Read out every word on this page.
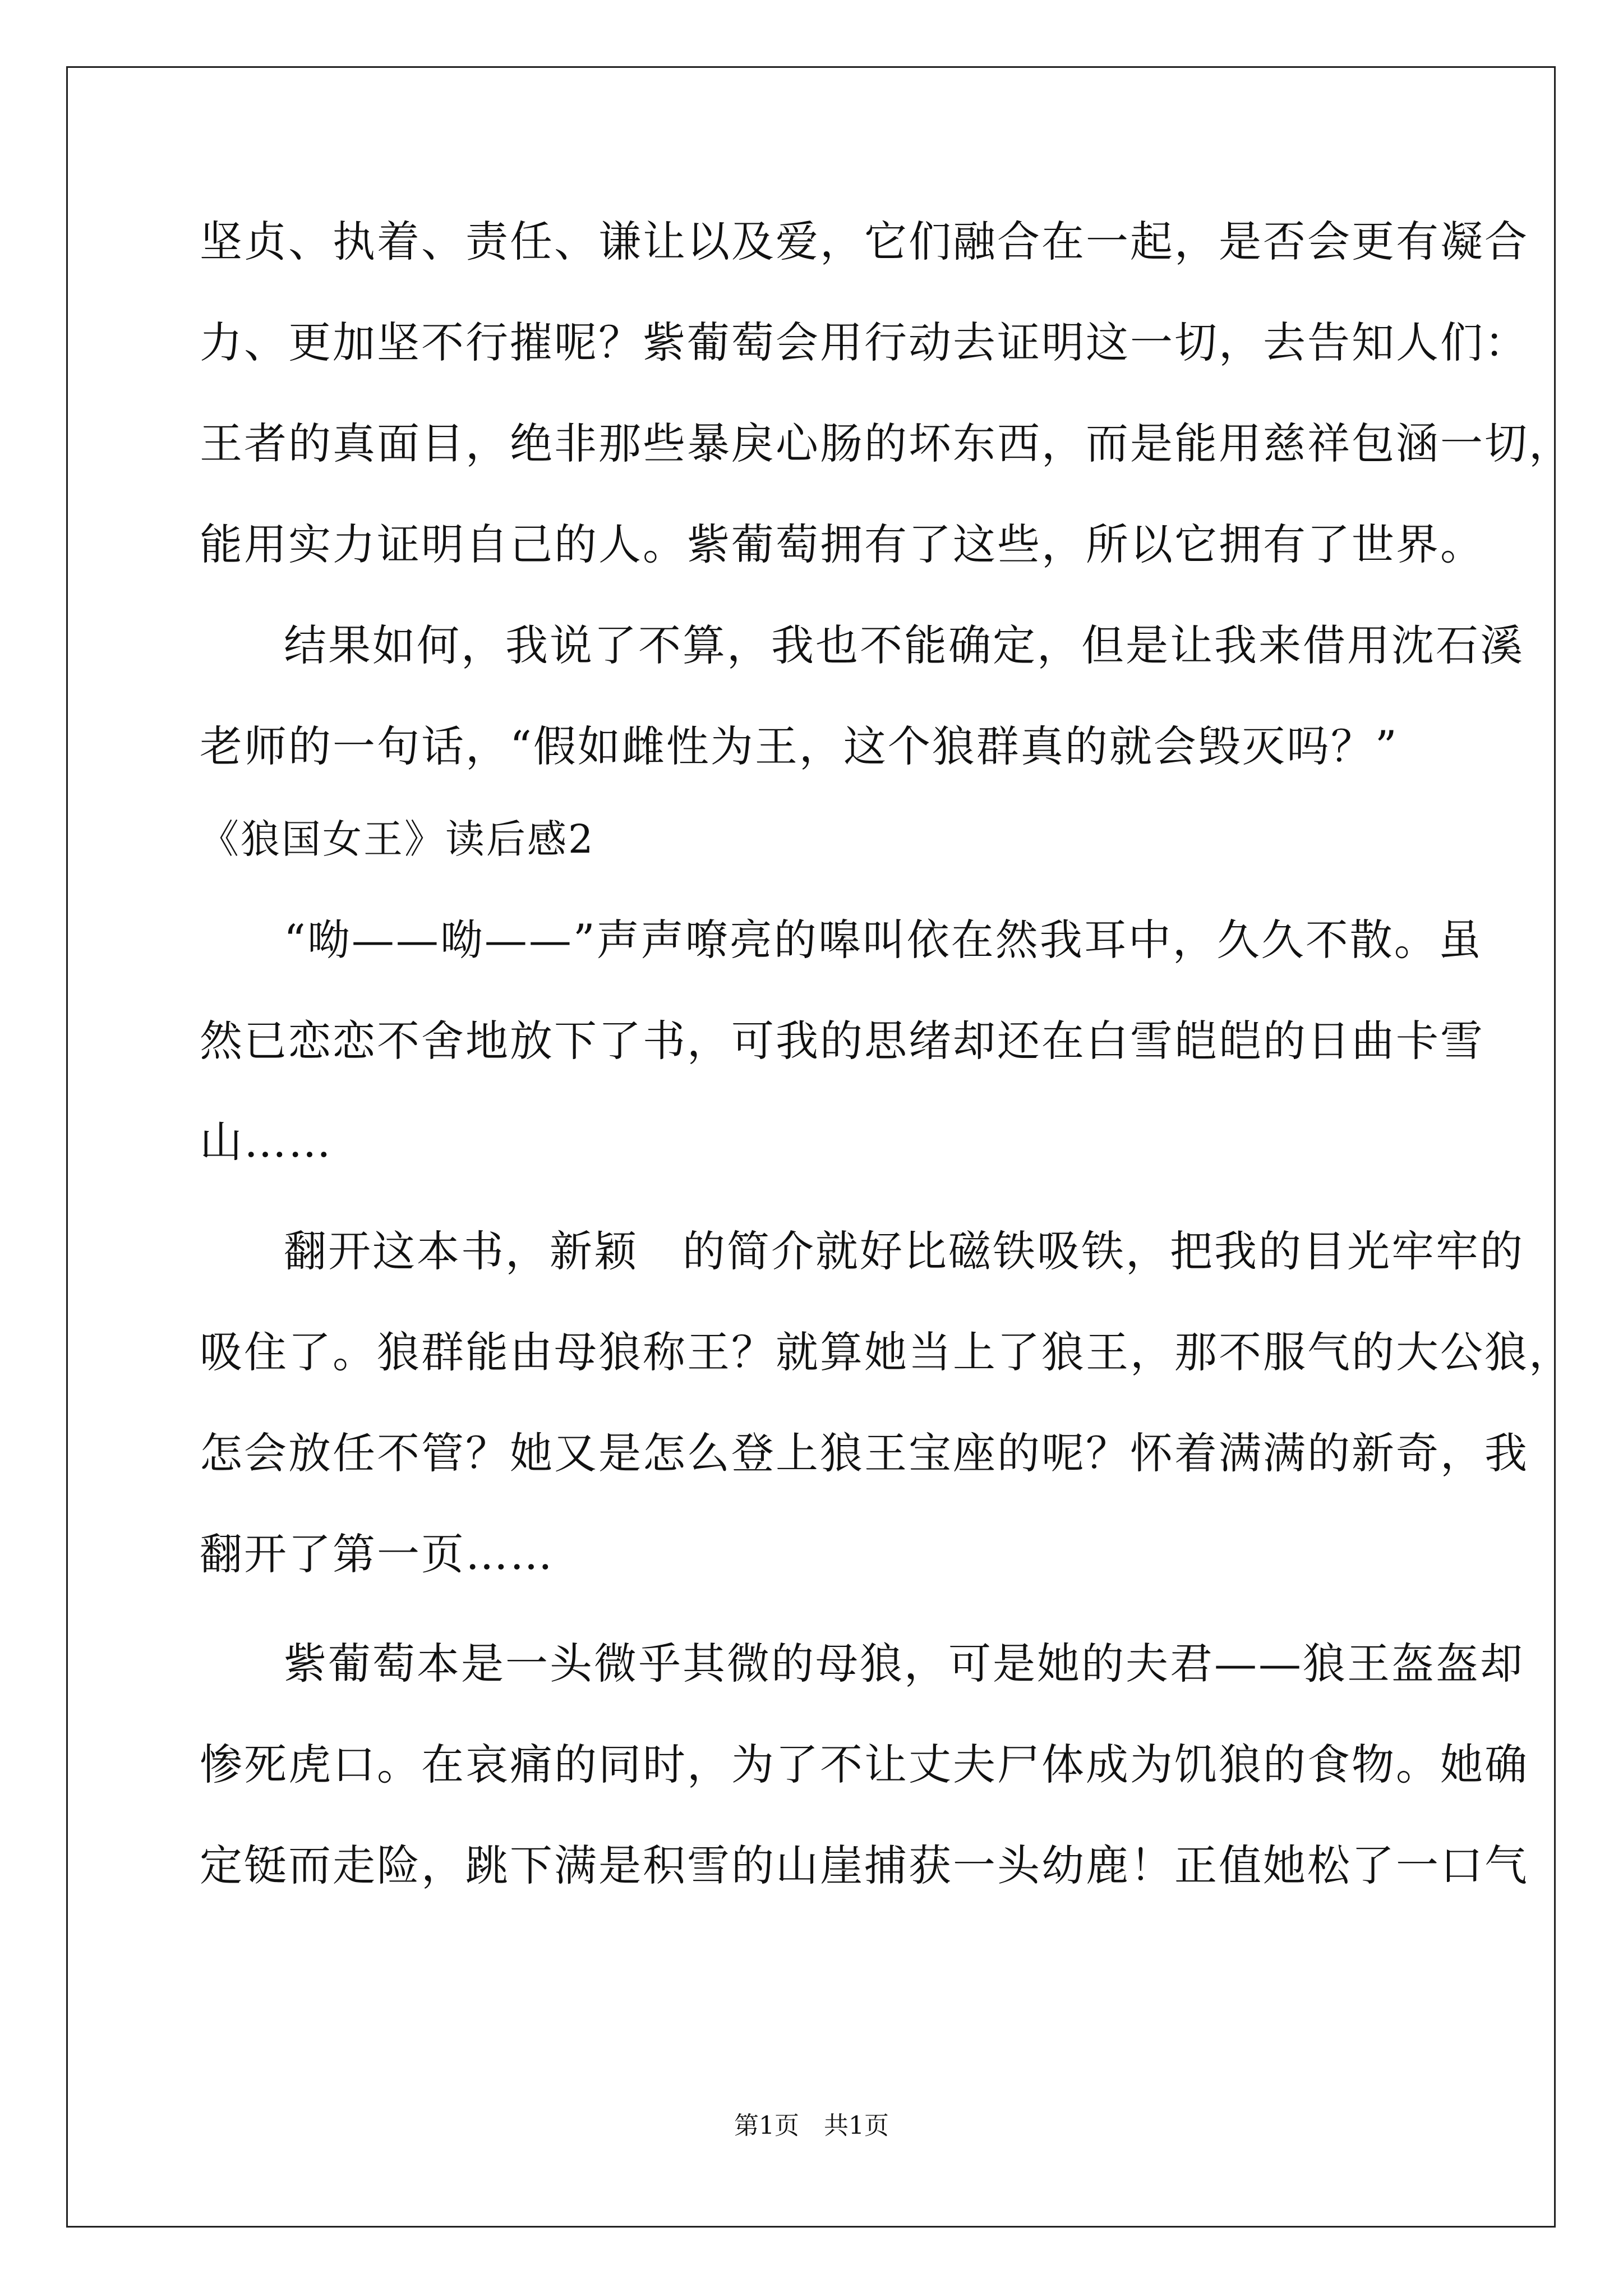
坚贞、执着、责任、谦让以及爱，它们融合在一起，是否会更有凝合
力、更加坚不行摧呢？紫葡萄会用行动去证明这一切，去告知人们：
王者的真面目，绝非那些暴戾心肠的坏东西，而是能用慈祥包涵一切，
能用实力证明自己的人。紫葡萄拥有了这些，所以它拥有了世界。
结果如何，我说了不算，我也不能确定，但是让我来借用沈石溪
老师的一句话，“假如雌性为王，这个狼群真的就会毁灭吗？”
《狼国女王》读后感2
“呦——呦——”声声嘹亮的嗥叫依在然我耳中，久久不散。虽
然已恋恋不舍地放下了书，可我的思绪却还在白雪皑皑的日曲卡雪
山……
翻开这本书，新颖　的简介就好比磁铁吸铁，把我的目光牢牢的
吸住了。狼群能由母狼称王？就算她当上了狼王，那不服气的大公狼，
怎会放任不管？她又是怎么登上狼王宝座的呢？怀着满满的新奇，我
翻开了第一页……
紫葡萄本是一头微乎其微的母狼，可是她的夫君——狼王盔盔却
惨死虎口。在哀痛的同时，为了不让丈夫尸体成为饥狼的食物。她确
定铤而走险，跳下满是积雪的山崖捕获一头幼鹿！正值她松了一口气
第1页　共1页
